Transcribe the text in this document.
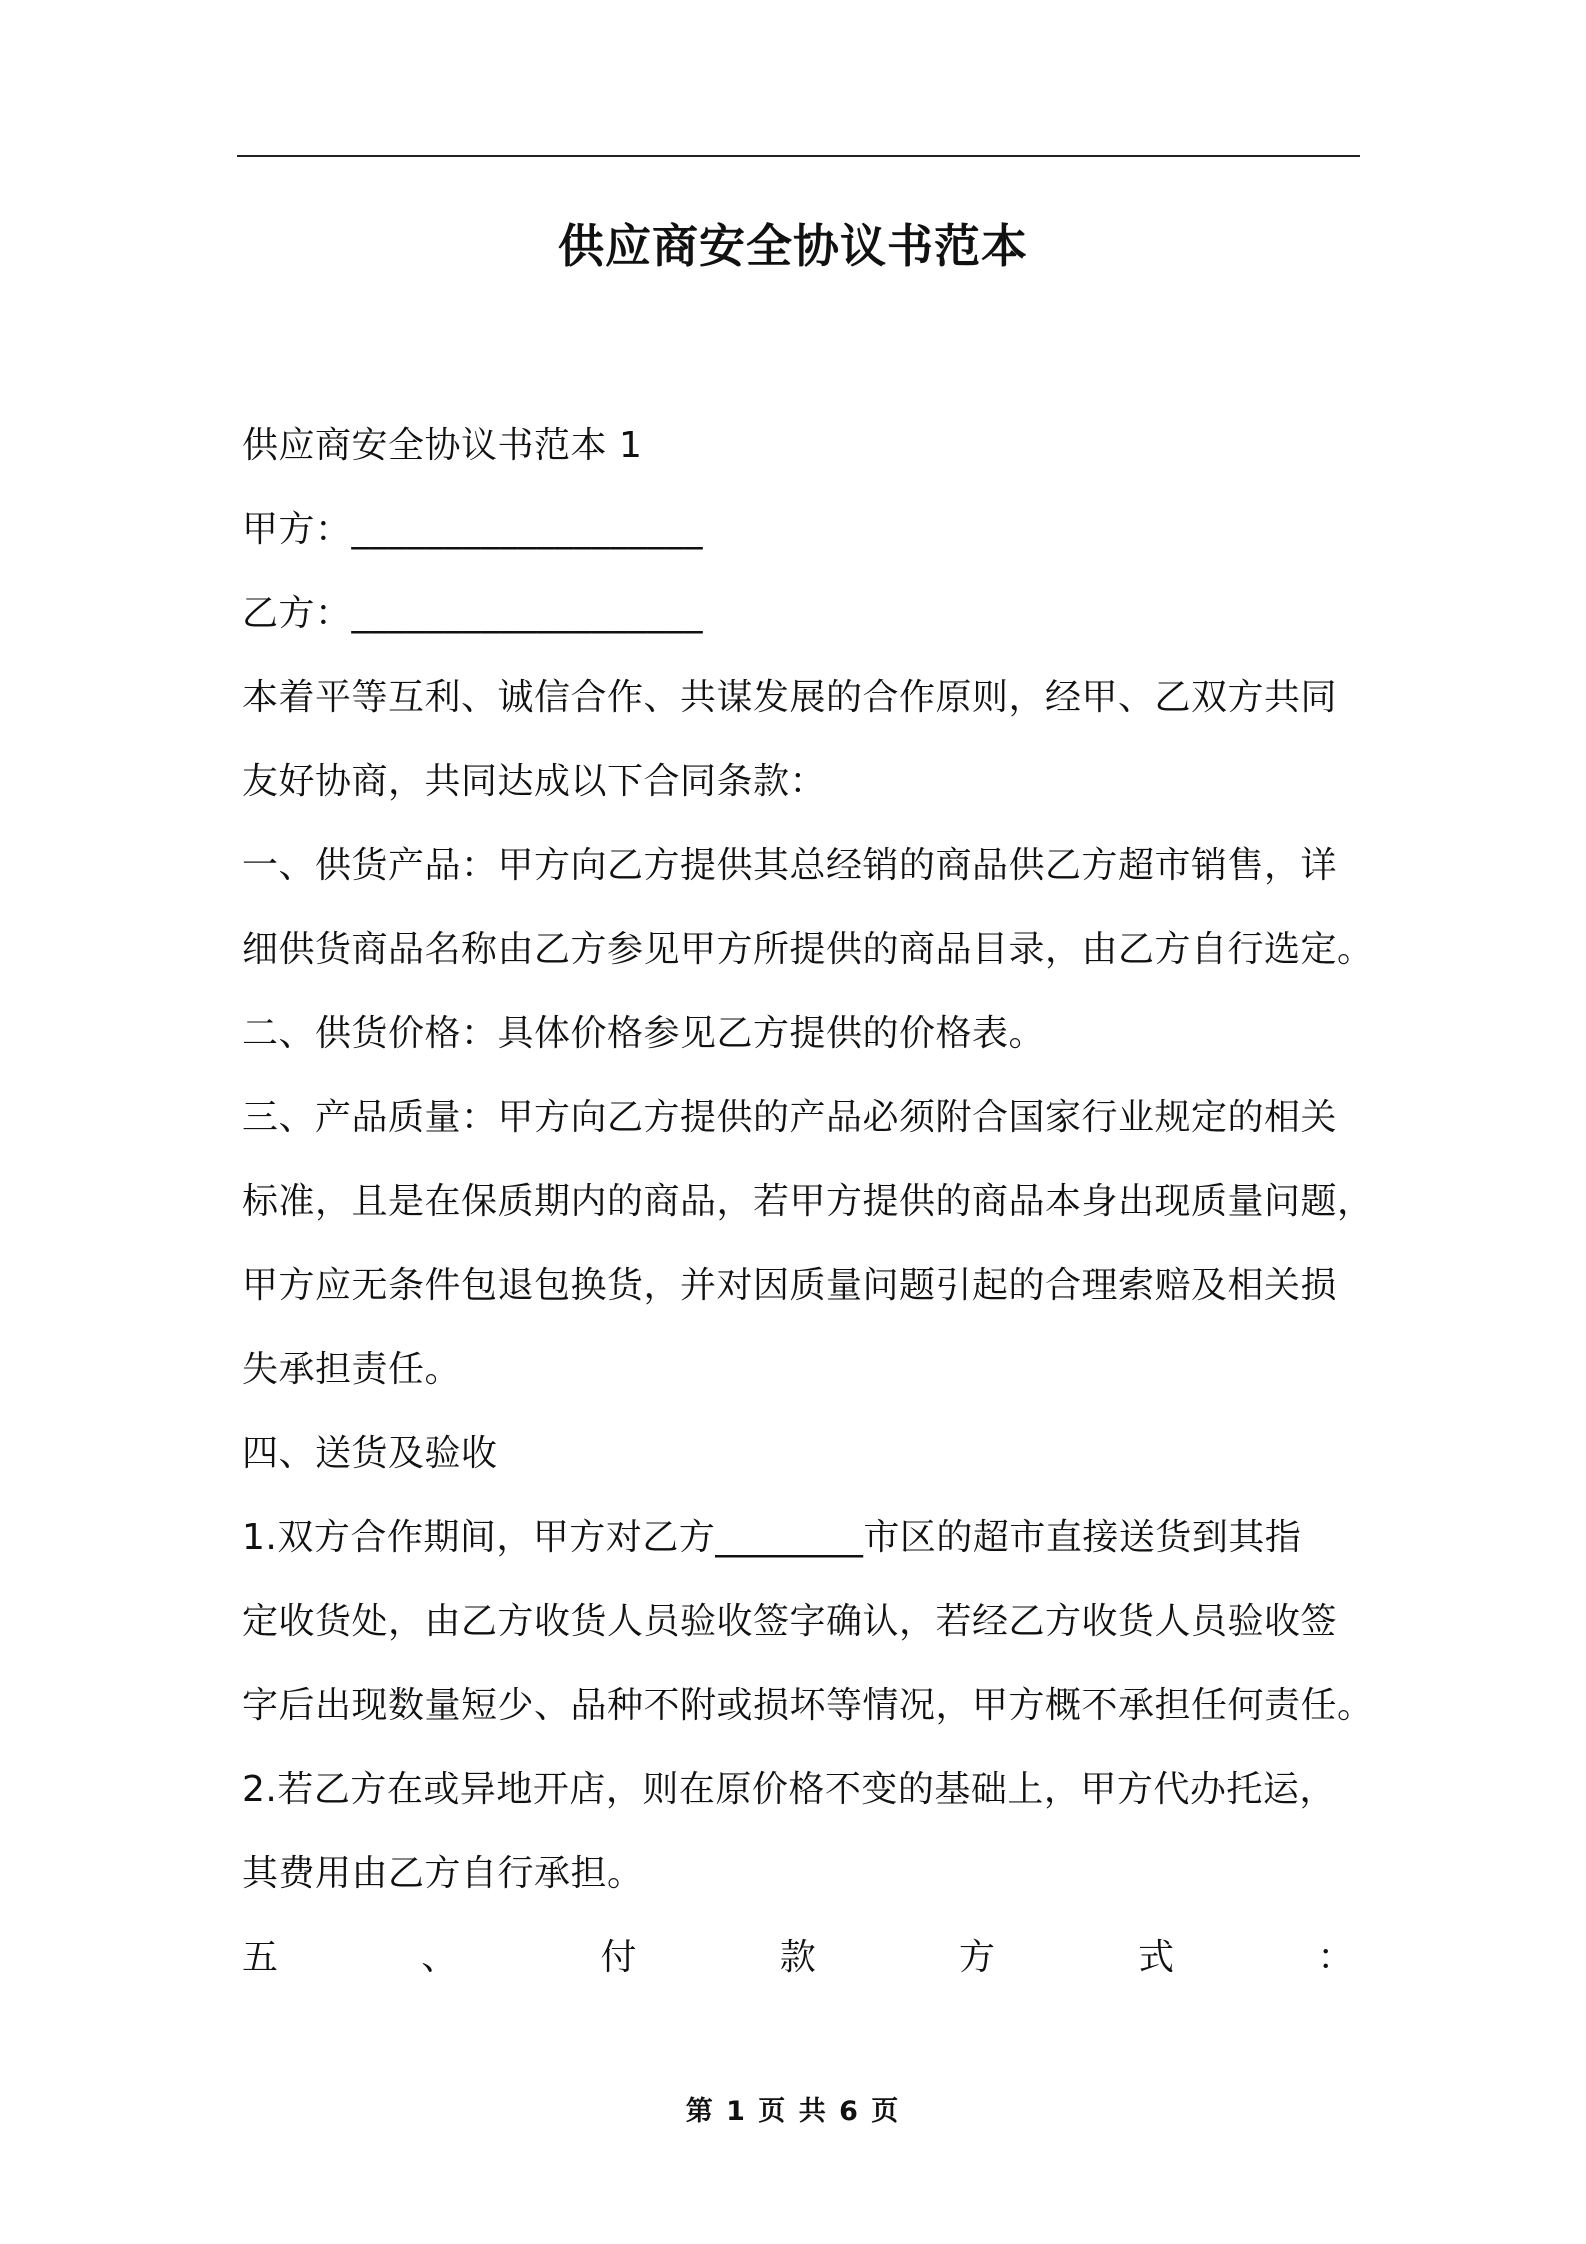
供应商安全协议书范本
供应商安全协议书范本 1
甲方：___________________
乙方：___________________
本着平等互利、诚信合作、共谋发展的合作原则，经甲、乙双方共同
友好协商，共同达成以下合同条款：
一、供货产品：甲方向乙方提供其总经销的商品供乙方超市销售，详
细供货商品名称由乙方参见甲方所提供的商品目录，由乙方自行选定。
二、供货价格：具体价格参见乙方提供的价格表。
三、产品质量：甲方向乙方提供的产品必须附合国家行业规定的相关
标准，且是在保质期内的商品，若甲方提供的商品本身出现质量问题，
甲方应无条件包退包换货，并对因质量问题引起的合理索赔及相关损
失承担责任。
四、送货及验收
1.双方合作期间，甲方对乙方________市区的超市直接送货到其指
定收货处，由乙方收货人员验收签字确认，若经乙方收货人员验收签
字后出现数量短少、品种不附或损坏等情况，甲方概不承担任何责任。
2.若乙方在或异地开店，则在原价格不变的基础上，甲方代办托运，
其费用由乙方自行承担。
五	、	付	款	方	式	：
第 1 页 共 6 页
